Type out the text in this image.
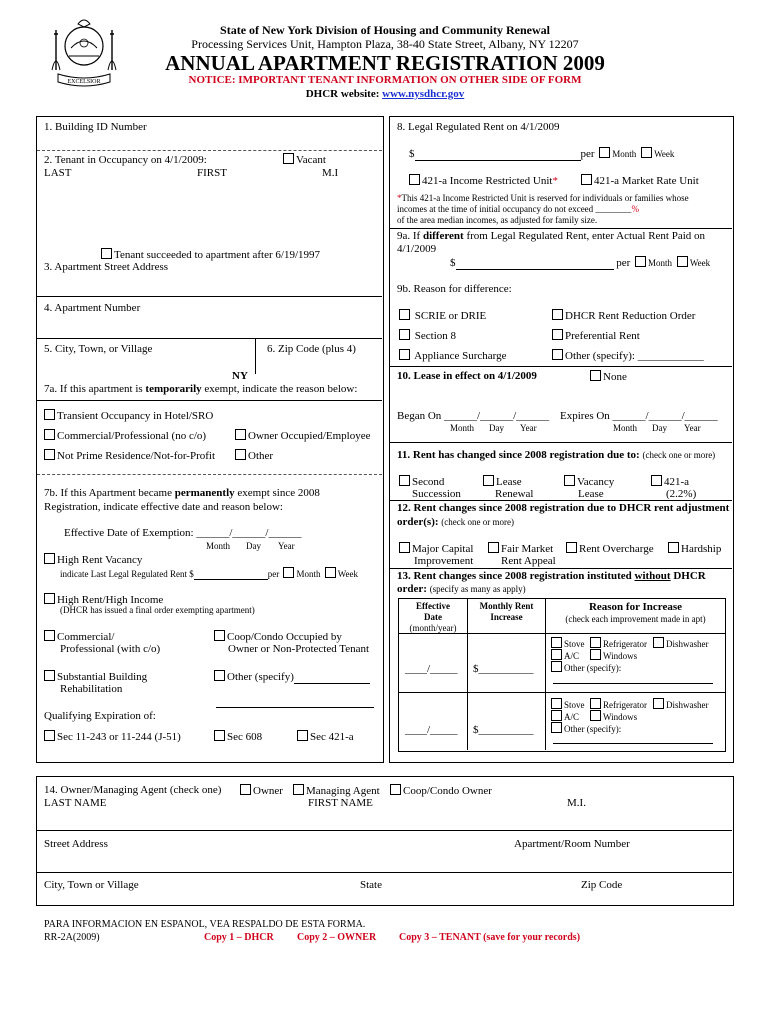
EXCELSIOR
State of New York Division of Housing and Community Renewal
Processing Services Unit, Hampton Plaza, 38-40 State Street, Albany, NY 12207
ANNUAL APARTMENT REGISTRATION 2009
NOTICE: IMPORTANT TENANT INFORMATION ON OTHER SIDE OF FORM
DHCR website: www.nysdhcr.gov
1. Building ID Number
2. Tenant in Occupancy on 4/1/2009:	Vacant
LAST	FIRST	M.I
Tenant succeeded to apartment after 6/19/1997
3. Apartment Street Address
4. Apartment Number
5. City, Town, or Village	6. Zip Code (plus 4)
NY
7a. If this apartment is temporarily exempt, indicate the reason below:
Transient Occupancy in Hotel/SRO
Commercial/Professional (no c/o)	Owner Occupied/Employee
Not Prime Residence/Not-for-Profit	Other
7b. If this Apartment became permanently exempt since 2008
Registration, indicate effective date and reason below:
Effective Date of Exemption: ______/______/______
Month Day Year
High Rent Vacancy
indicate Last Legal Regulated Rent $	per Month Week
High Rent/High Income
(DHCR has issued a final order exempting apartment)
Commercial/
Professional (with c/o)
Coop/Condo Occupied by
Owner or Non-Protected Tenant
Substantial Building
Rehabilitation
Other (specify)
Qualifying Expiration of:
Sec 11-243 or 11-244 (J-51)	Sec 608	Sec 421-a
8. Legal Regulated Rent on 4/1/2009
$	per Month Week
421-a Income Restricted Unit*	421-a Market Rate Unit
*This 421-a Income Restricted Unit is reserved for individuals or families whose
incomes at the time of initial occupancy do not exceed ________%
of the area median incomes, as adjusted for family size.
9a. If different from Legal Regulated Rent, enter Actual Rent Paid on
4/1/2009
$	per Month Week
9b. Reason for difference:
SCRIE or DRIE	DHCR Rent Reduction Order
Section 8	Preferential Rent
Appliance Surcharge	Other (specify): ____________
10. Lease in effect on 4/1/2009	None
Began On ______/______/______ Expires On ______/______/______
Month Day Year	Month Day Year
11. Rent has changed since 2008 registration due to: (check one or more)
Second
Succession
Lease
Renewal
Vacancy
Lease
421-a
(2.2%)
12. Rent changes since 2008 registration due to DHCR rent adjustment
order(s): (check one or more)
Major Capital
Improvement
Fair Market
Rent Appeal
Rent Overcharge	Hardship
13. Rent changes since 2008 registration instituted without DHCR
order: (specify as many as apply)
Effective
Date
(month/year)
Monthly Rent
Increase
Reason for Increase
(check each improvement made in apt)
____/_____ $__________
Stove	Refrigerator	Dishwasher
A/C	Windows
Other (specify):
____/_____ $__________
Stove	Refrigerator	Dishwasher
A/C	Windows
Other (specify):
14. Owner/Managing Agent (check one)	Owner	Managing Agent	Coop/Condo Owner
LAST NAME	FIRST NAME	M.I.
Street Address	Apartment/Room Number
City, Town or Village	State	Zip Code
PARA INFORMACION EN ESPANOL, VEA RESPALDO DE ESTA FORMA.
RR-2A(2009)	Copy 1 – DHCR Copy 2 – OWNER Copy 3 – TENANT (save for your records)
